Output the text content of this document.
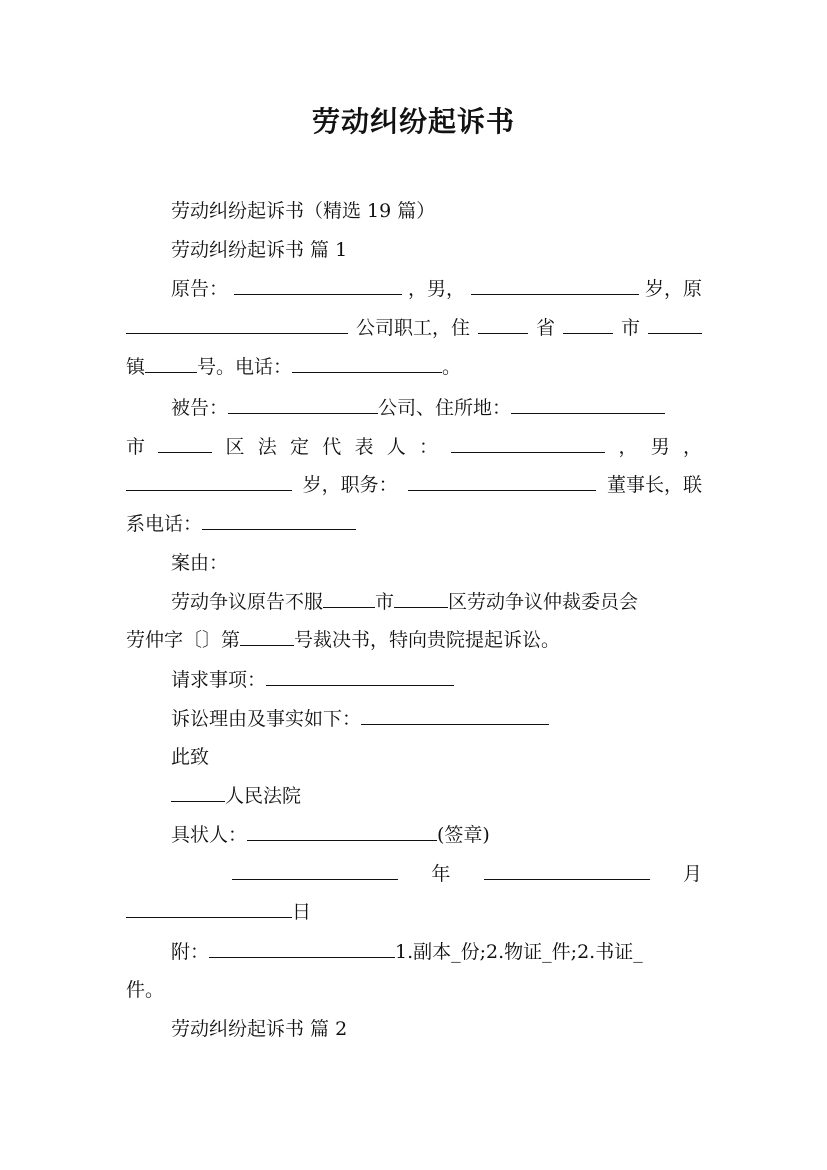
劳动纠纷起诉书
劳动纠纷起诉书（精选 19 篇）
劳动纠纷起诉书 篇 1
原告：	，男，	岁，原
公司职工，住	省	市
镇	号。电话：	。
被告：	公司、住所地：
市	区 法 定 代 表 人 ：	， 男 ，
岁，职务：	董事长，联
系电话：
案由：
劳动争议原告不服	市	区劳动争议仲裁委员会
劳仲字〔〕第	号裁决书，特向贵院提起诉讼。
请求事项：
诉讼理由及事实如下：
此致
人民法院
具状人：	(签章)
年	月
日
附：	1.副本_份;2.物证_件;2.书证_
件。
劳动纠纷起诉书 篇 2
